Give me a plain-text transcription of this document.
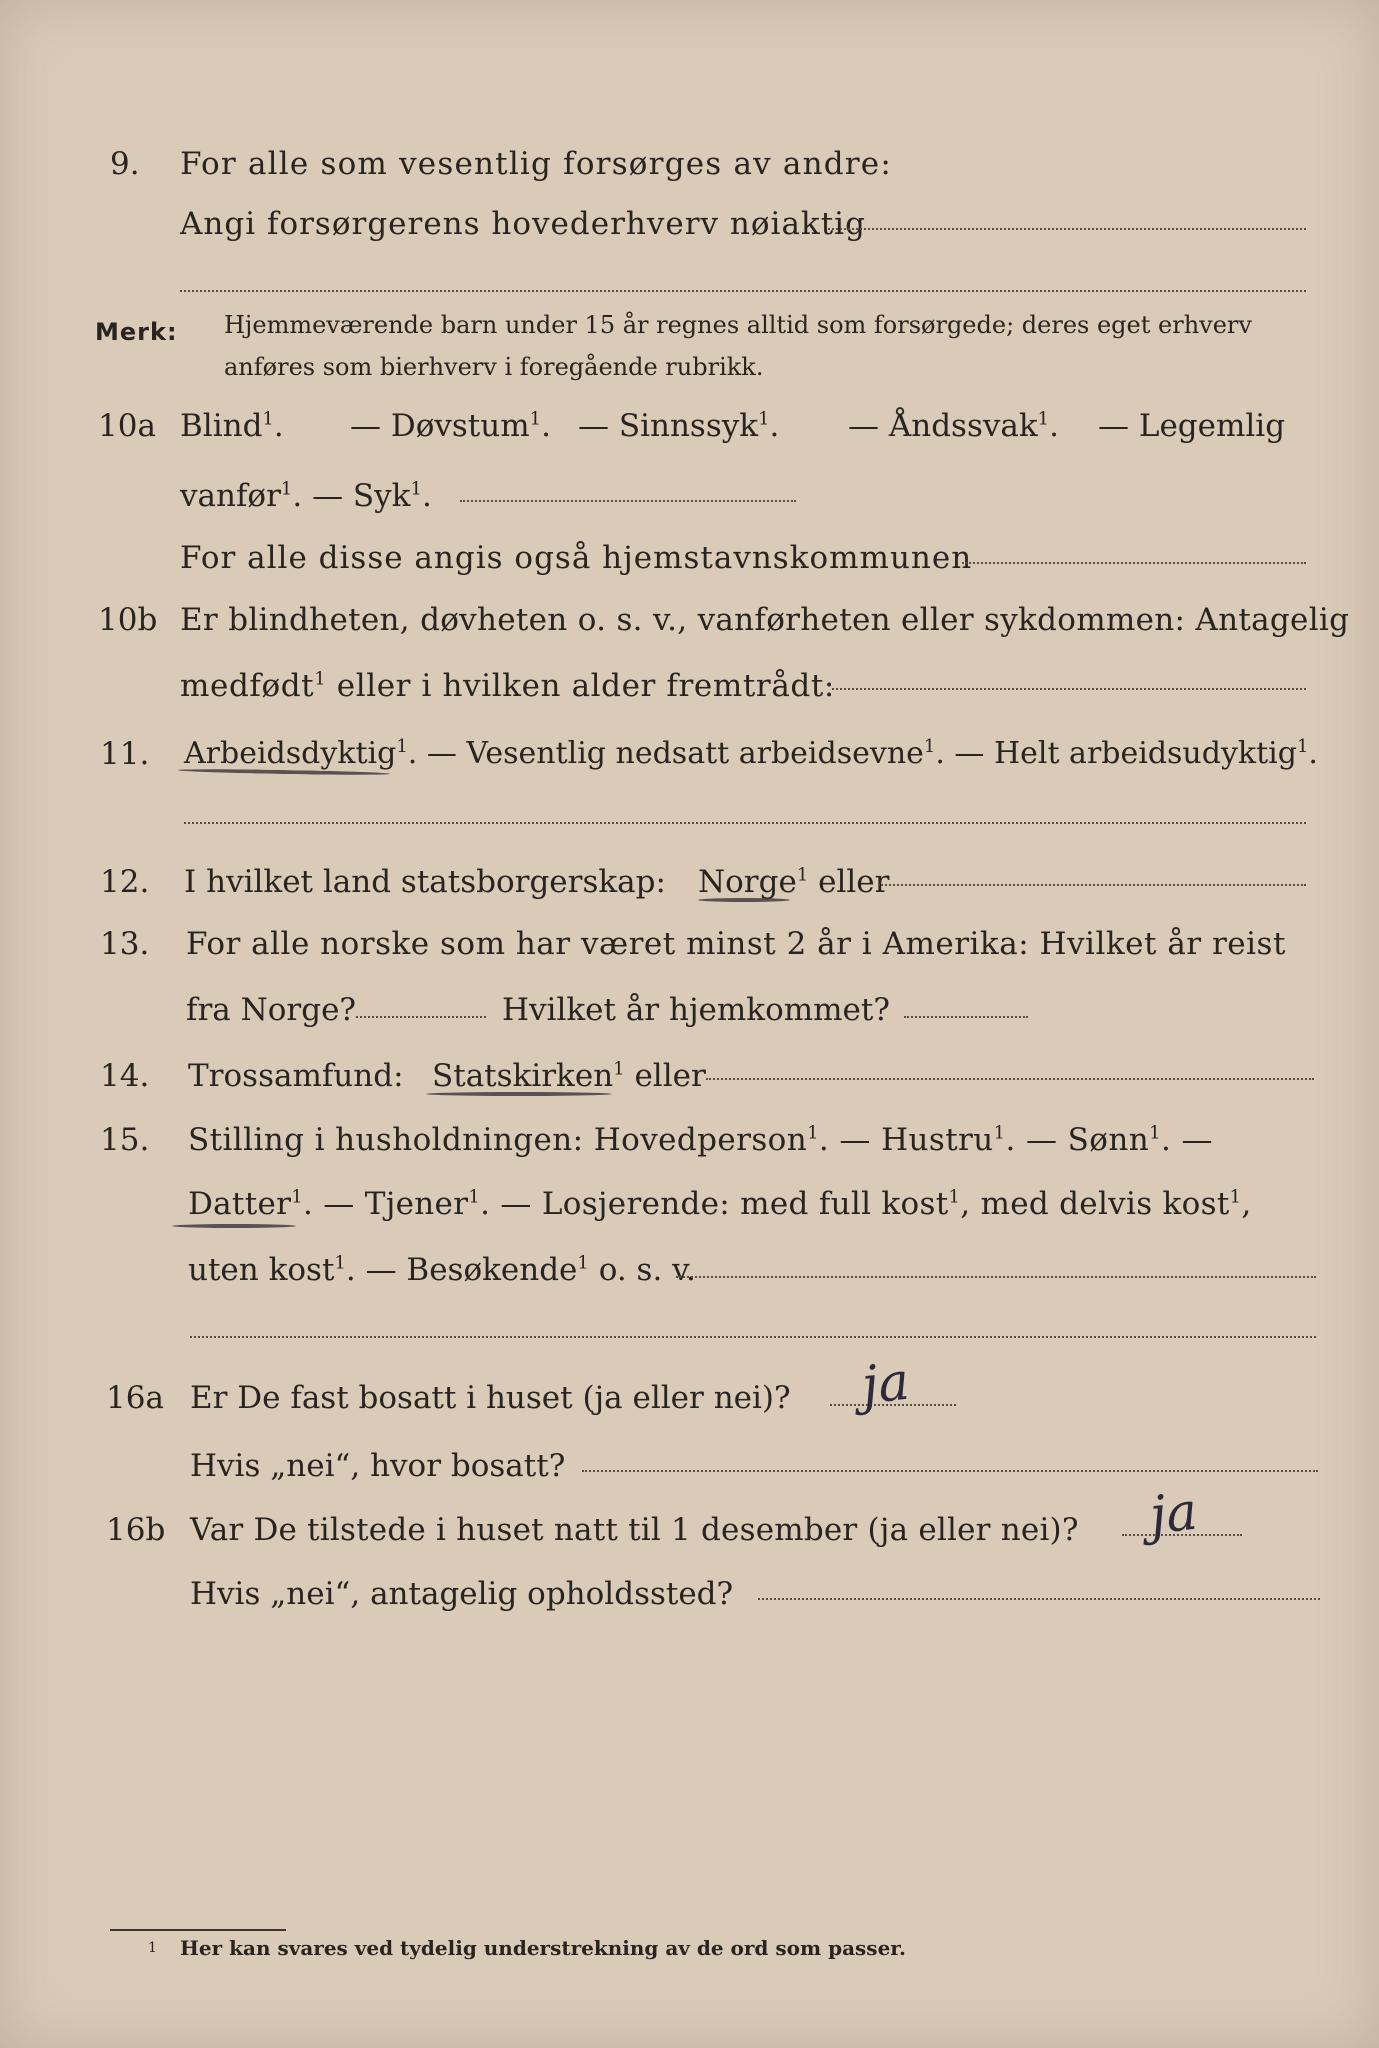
9. For alle som vesentlig forsørges av andre:
Angi forsørgerens hovederhverv nøiaktig
Merk: Hjemmeværende barn under 15 år regnes alltid som forsørgede; deres eget erhverv
anføres som bierhverv i foregående rubrikk.
10a Blind$^1$. — Døvstum$^1$. — Sinnssyk$^1$. — Åndssvak$^1$. — Legemlig
vanfør$^1$. — Syk$^1$.
For alle disse angis også hjemstavnskommunen
10b Er blindheten, døvheten o. s. v., vanførheten eller sykdommen: Antagelig
medfødt$^1$ eller i hvilken alder fremtrådt:
11. Arbeidsdyktig$^1$. — Vesentlig nedsatt arbeidsevne$^1$. — Helt arbeidsudyktig$^1$.
12. I hvilket land statsborgerskap: Norge$^1$ eller
13. For alle norske som har været minst 2 år i Amerika: Hvilket år reist
fra Norge?	Hvilket år hjemkommet?
14. Trossamfund: Statskirken$^1$ eller
15. Stilling i husholdningen: Hovedperson$^1$. — Hustru$^1$. — Sønn$^1$. —
Datter$^1$. — Tjener$^1$. — Losjerende: med full kost$^1$, med delvis kost$^1$,
uten kost$^1$. — Besøkende$^1$ o. s. v.
16a Er De fast bosatt i huset (ja eller nei)? ja
Hvis „nei“, hvor bosatt?
16b Var De tilstede i huset natt til 1 desember (ja eller nei)? ja
Hvis „nei“, antagelig opholdssted?
1 Her kan svares ved tydelig understrekning av de ord som passer.
